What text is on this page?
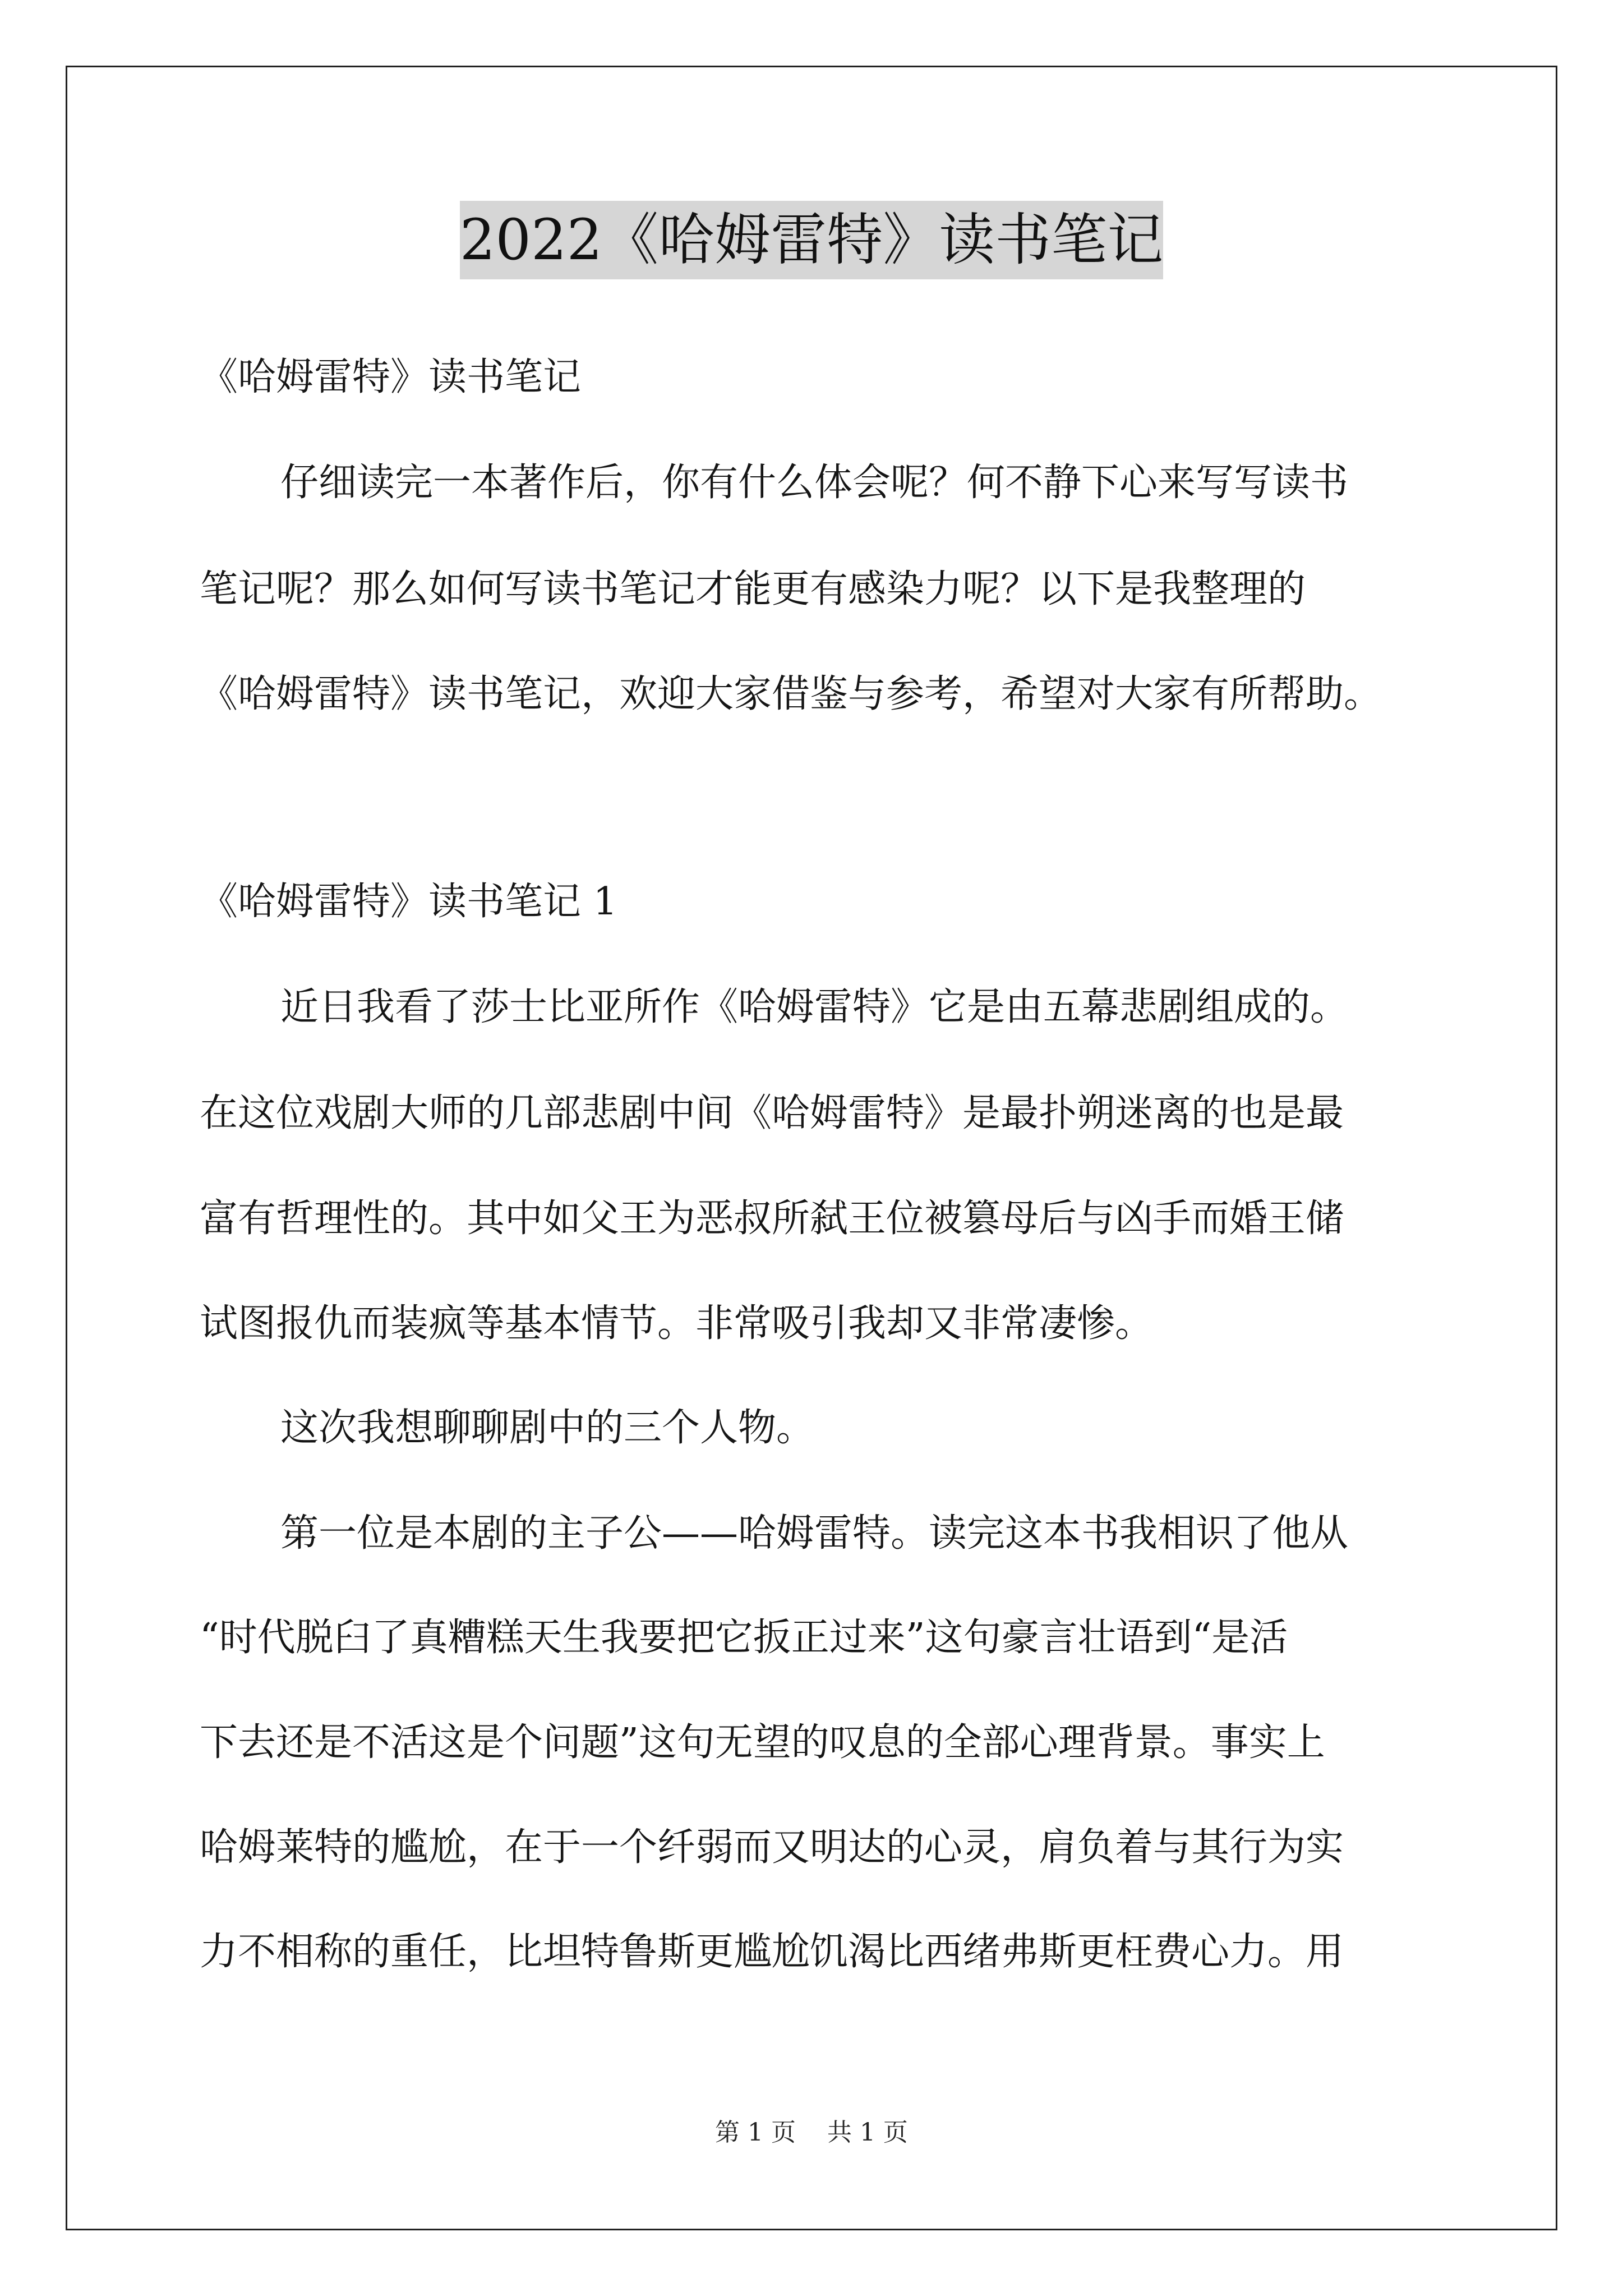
2022《哈姆雷特》读书笔记
《哈姆雷特》读书笔记
仔细读完一本著作后，你有什么体会呢？何不静下心来写写读书
笔记呢？那么如何写读书笔记才能更有感染力呢？以下是我整理的
《哈姆雷特》读书笔记，欢迎大家借鉴与参考，希望对大家有所帮助。
《哈姆雷特》读书笔记 1
近日我看了莎士比亚所作《哈姆雷特》它是由五幕悲剧组成的。
在这位戏剧大师的几部悲剧中间《哈姆雷特》是最扑朔迷离的也是最
富有哲理性的。其中如父王为恶叔所弑王位被篡母后与凶手而婚王储
试图报仇而装疯等基本情节。非常吸引我却又非常凄惨。
这次我想聊聊剧中的三个人物。
第一位是本剧的主子公——哈姆雷特。读完这本书我相识了他从
“时代脱臼了真糟糕天生我要把它扳正过来”这句豪言壮语到“是活
下去还是不活这是个问题”这句无望的叹息的全部心理背景。事实上
哈姆莱特的尴尬，在于一个纤弱而又明达的心灵，肩负着与其行为实
力不相称的重任，比坦特鲁斯更尴尬饥渴比西绪弗斯更枉费心力。用
第 1 页 共 1 页
